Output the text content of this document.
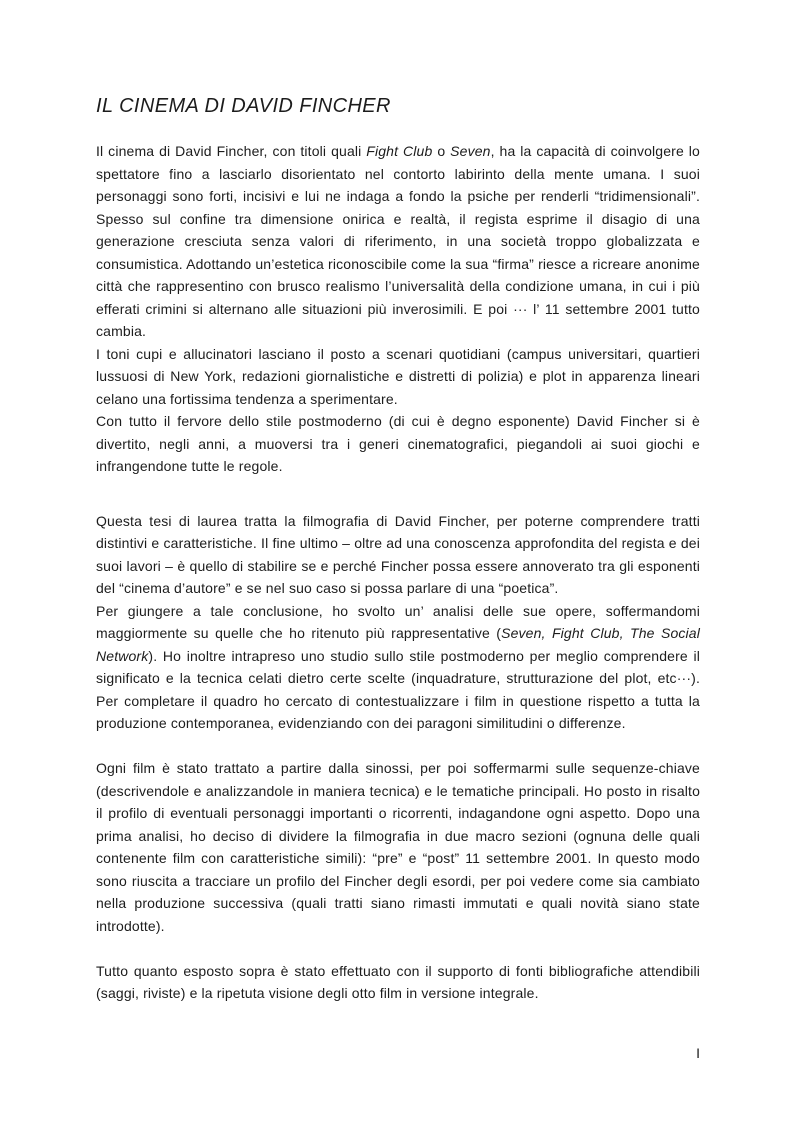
IL CINEMA DI DAVID FINCHER

Il cinema di David Fincher, con titoli quali Fight Club o Seven, ha la capacità di coinvolgere lo spettatore fino a lasciarlo disorientato nel contorto labirinto della mente umana. I suoi personaggi sono forti, incisivi e lui ne indaga a fondo la psiche per renderli “tridimensionali”. Spesso sul confine tra dimensione onirica e realtà, il regista esprime il disagio di una generazione cresciuta senza valori di riferimento, in una società troppo globalizzata e consumistica. Adottando un’estetica riconoscibile come la sua “firma” riesce a ricreare anonime città che rappresentino con brusco realismo l’universalità della condizione umana, in cui i più efferati crimini si alternano alle situazioni più inverosimili. E poi ··· l’ 11 settembre 2001 tutto cambia.

I toni cupi e allucinatori lasciano il posto a scenari quotidiani (campus universitari, quartieri lussuosi di New York, redazioni giornalistiche e distretti di polizia) e plot in apparenza lineari celano una fortissima tendenza a sperimentare.

Con tutto il fervore dello stile postmoderno (di cui è degno esponente) David Fincher si è divertito, negli anni, a muoversi tra i generi cinematografici, piegandoli ai suoi giochi e infrangendone tutte le regole.

Questa tesi di laurea tratta la filmografia di David Fincher, per poterne comprendere tratti distintivi e caratteristiche. Il fine ultimo – oltre ad una conoscenza approfondita del regista e dei suoi lavori – è quello di stabilire se e perché Fincher possa essere annoverato tra gli esponenti del “cinema d’autore” e se nel suo caso si possa parlare di una “poetica”.

Per giungere a tale conclusione, ho svolto un’ analisi delle sue opere, soffermandomi maggiormente su quelle che ho ritenuto più rappresentative (Seven, Fight Club, The Social Network). Ho inoltre intrapreso uno studio sullo stile postmoderno per meglio comprendere il significato e la tecnica celati dietro certe scelte (inquadrature, strutturazione del plot, etc···). Per completare il quadro ho cercato di contestualizzare i film in questione rispetto a tutta la produzione contemporanea, evidenziando con dei paragoni similitudini o differenze.

Ogni film è stato trattato a partire dalla sinossi, per poi soffermarmi sulle sequenze-chiave (descrivendole e analizzandole in maniera tecnica) e le tematiche principali. Ho posto in risalto il profilo di eventuali personaggi importanti o ricorrenti, indagandone ogni aspetto. Dopo una prima analisi, ho deciso di dividere la filmografia in due macro sezioni (ognuna delle quali contenente film con caratteristiche simili): “pre” e “post” 11 settembre 2001. In questo modo sono riuscita a tracciare un profilo del Fincher degli esordi, per poi vedere come sia cambiato nella produzione successiva (quali tratti siano rimasti immutati e quali novità siano state introdotte).

Tutto quanto esposto sopra è stato effettuato con il supporto di fonti bibliografiche attendibili (saggi, riviste) e la ripetuta visione degli otto film in versione integrale.

I
